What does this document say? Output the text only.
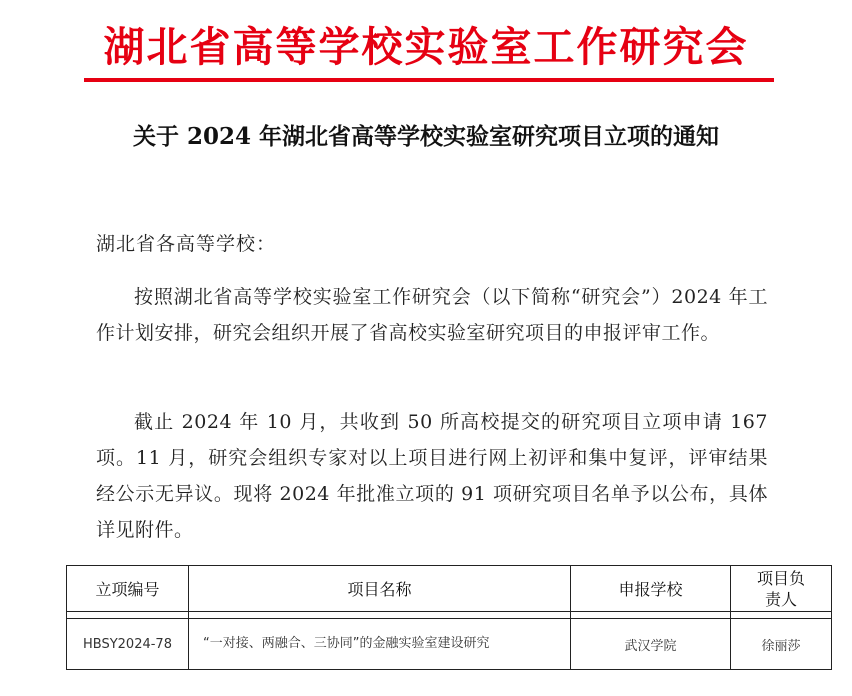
湖北省高等学校实验室工作研究会
关于 2024 年湖北省高等学校实验室研究项目立项的通知
湖北省各高等学校：
按照湖北省高等学校实验室工作研究会（以下简称“研究会”）2024 年工作计划安排，研究会组织开展了省高校实验室研究项目的申报评审工作。
截止 2024 年 10 月，共收到 50 所高校提交的研究项目立项申请 167 项。11 月，研究会组织专家对以上项目进行网上初评和集中复评，评审结果经公示无异议。现将 2024 年批准立项的 91 项研究项目名单予以公布，具体详见附件。
立项编号	项目名称	申报学校	项目负责人

HBSY2024-78	“一对接、两融合、三协同”的金融实验室建设研究	武汉学院	徐丽莎
